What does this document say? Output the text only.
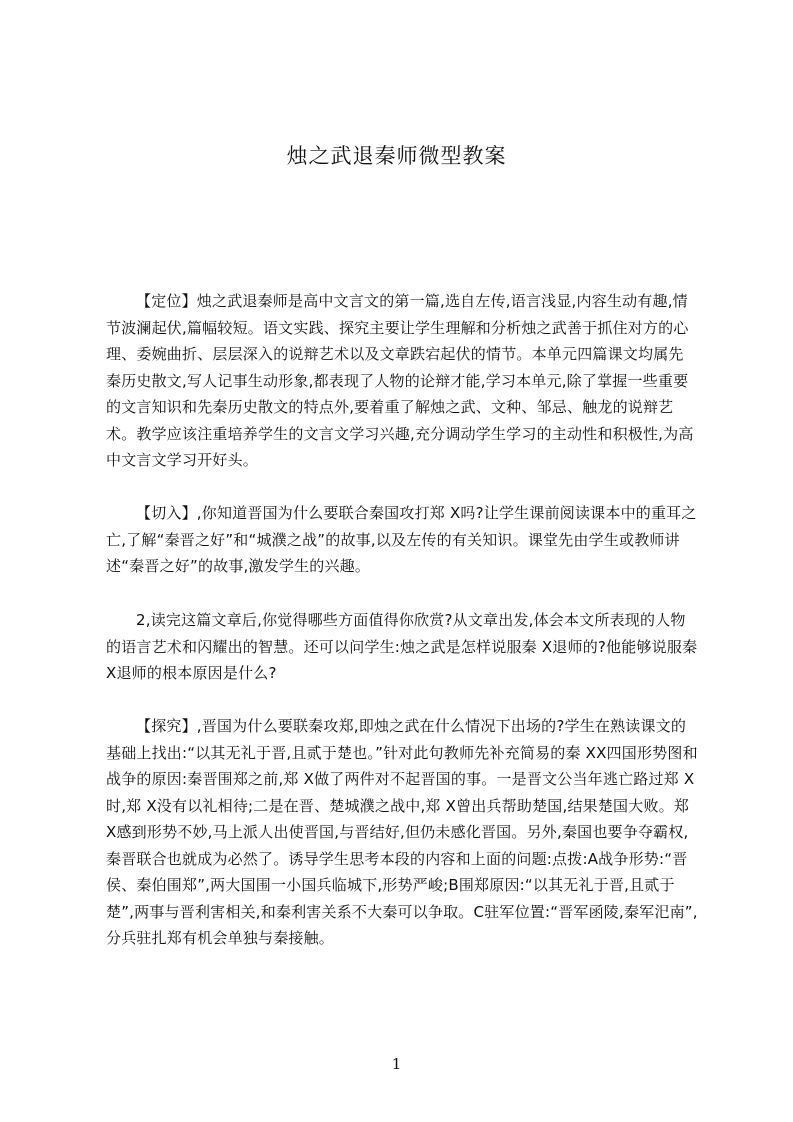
烛之武退秦师微型教案
【定位】烛之武退秦师是高中文言文的第一篇,选自左传,语言浅显,内容生动有趣,情节波澜起伏,篇幅较短。语文实践、探究主要让学生理解和分析烛之武善于抓住对方的心理、委婉曲折、层层深入的说辩艺术以及文章跌宕起伏的情节。本单元四篇课文均属先秦历史散文,写人记事生动形象,都表现了人物的论辩才能,学习本单元,除了掌握一些重要的文言知识和先秦历史散文的特点外,要着重了解烛之武、文种、邹忌、触龙的说辩艺术。教学应该注重培养学生的文言文学习兴趣,充分调动学生学习的主动性和积极性,为高中文言文学习开好头。
【切入】,你知道晋国为什么要联合秦国攻打郑 X吗?让学生课前阅读课本中的重耳之亡,了解“秦晋之好”和“城濮之战”的故事,以及左传的有关知识。课堂先由学生或教师讲述“秦晋之好”的故事,激发学生的兴趣。
2,读完这篇文章后,你觉得哪些方面值得你欣赏?从文章出发,体会本文所表现的人物的语言艺术和闪耀出的智慧。还可以问学生:烛之武是怎样说服秦 X退师的?他能够说服秦 X退师的根本原因是什么?
【探究】,晋国为什么要联秦攻郑,即烛之武在什么情况下出场的?学生在熟读课文的基础上找出:“以其无礼于晋,且贰于楚也。”针对此句教师先补充简易的秦 XX四国形势图和战争的原因:秦晋围郑之前,郑 X做了两件对不起晋国的事。一是晋文公当年逃亡路过郑 X时,郑 X没有以礼相待;二是在晋、楚城濮之战中,郑 X曾出兵帮助楚国,结果楚国大败。郑 X感到形势不妙,马上派人出使晋国,与晋结好,但仍未感化晋国。另外,秦国也要争夺霸权,秦晋联合也就成为必然了。诱导学生思考本段的内容和上面的问题:点拨:A战争形势:“晋侯、秦伯围郑”,两大国围一小国兵临城下,形势严峻;B围郑原因:“以其无礼于晋,且贰于楚”,两事与晋利害相关,和秦利害关系不大秦可以争取。C驻军位置:“晋军函陵,秦军汜南”,分兵驻扎郑有机会单独与秦接触。
1
